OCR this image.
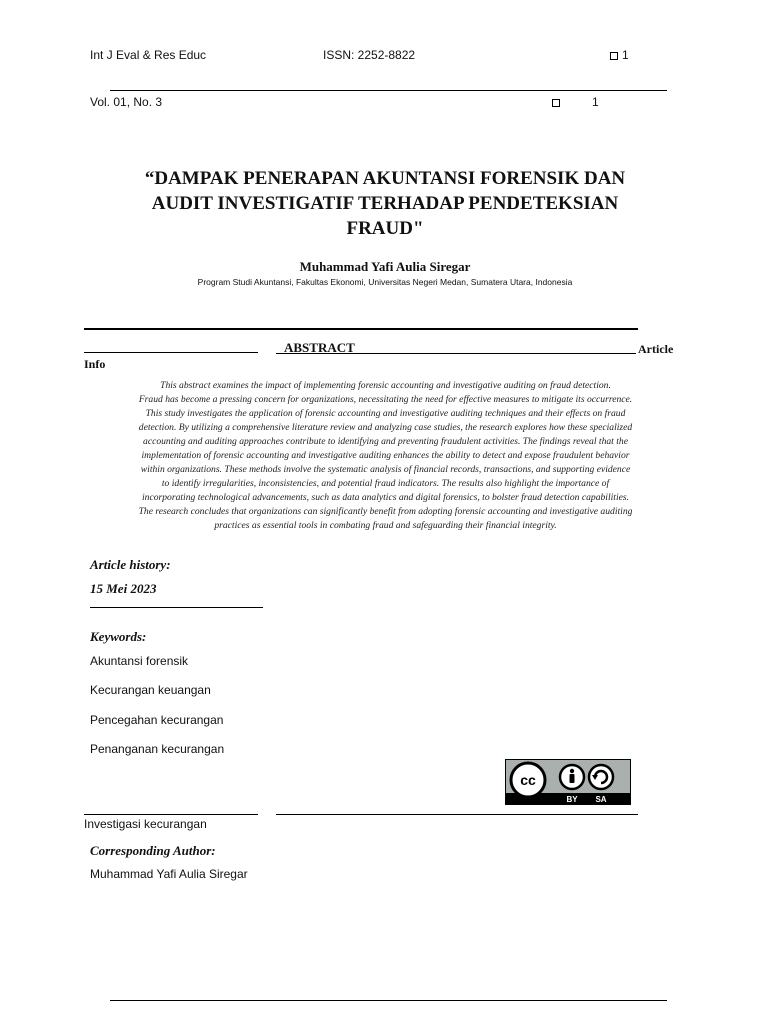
Int J Eval & Res Educ	ISSN: 2252-8822	1
Vol. 01, No. 3	1
“DAMPAK PENERAPAN AKUNTANSI FORENSIK DAN
AUDIT INVESTIGATIF TERHADAP PENDETEKSIAN
FRAUD"
Muhammad Yafi Aulia Siregar
Program Studi Akuntansi, Fakultas Ekonomi, Universitas Negeri Medan, Sumatera Utara, Indonesia
ABSTRACT	Article
Info
This abstract examines the impact of implementing forensic accounting and investigative auditing on fraud detection.
Fraud has become a pressing concern for organizations, necessitating the need for effective measures to mitigate its occurrence.
This study investigates the application of forensic accounting and investigative auditing techniques and their effects on fraud
detection. By utilizing a comprehensive literature review and analyzing case studies, the research explores how these specialized
accounting and auditing approaches contribute to identifying and preventing fraudulent activities. The findings reveal that the
implementation of forensic accounting and investigative auditing enhances the ability to detect and expose fraudulent behavior
within organizations. These methods involve the systematic analysis of financial records, transactions, and supporting evidence
to identify irregularities, inconsistencies, and potential fraud indicators. The results also highlight the importance of
incorporating technological advancements, such as data analytics and digital forensics, to bolster fraud detection capabilities.
The research concludes that organizations can significantly benefit from adopting forensic accounting and investigative auditing
practices as essential tools in combating fraud and safeguarding their financial integrity.
Article history:
15 Mei 2023
Keywords:
Akuntansi forensik
Kecurangan keuangan
Pencegahan kecurangan
Penanganan kecurangan
Investigasi kecurangan
cc
BY SA
Corresponding Author:
Muhammad Yafi Aulia Siregar
